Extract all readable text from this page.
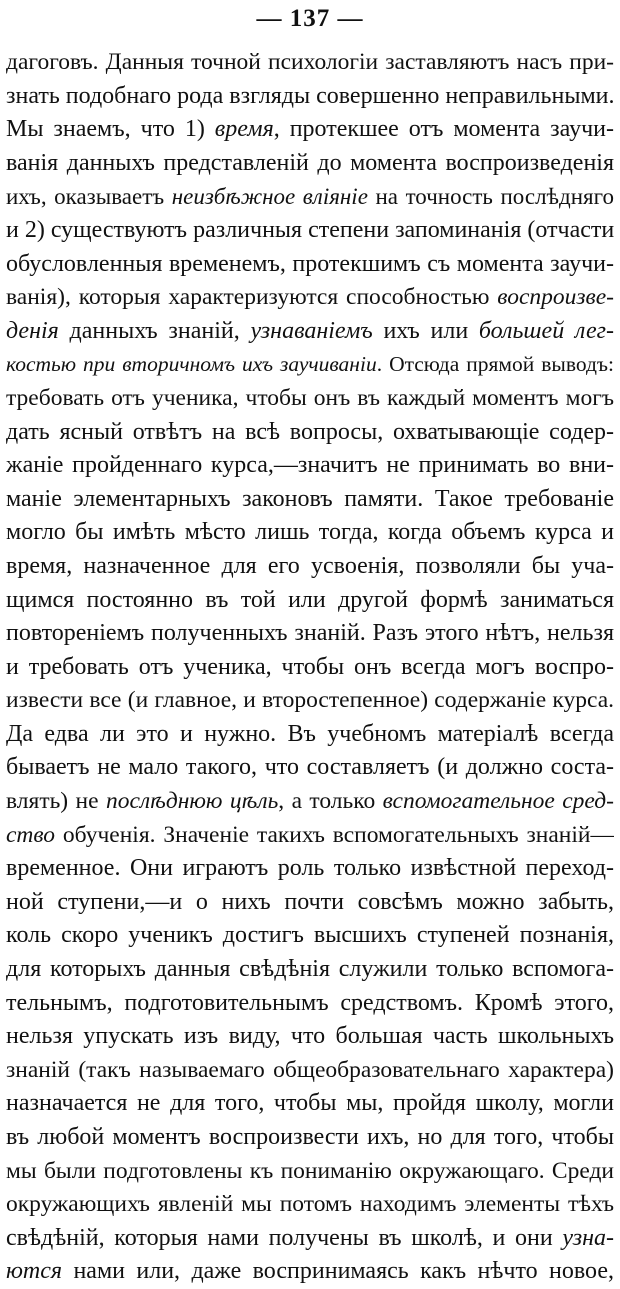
— 137 —
дагоговъ. Данныя точной психологіи заставляютъ насъ при-
знать подобнаго рода взгляды совершенно неправильными.
Мы знаемъ, что 1) время, протекшее отъ момента заучи-
ванія данныхъ представленій до момента воспроизведенія
ихъ, оказываетъ неизбѣжное вліяніе на точность послѣдняго
и 2) существуютъ различныя степени запоминанія (отчасти
обусловленныя временемъ, протекшимъ съ момента заучи-
ванія), которыя характеризуются способностью воспроизве-
денія данныхъ знаній, узнаваніемъ ихъ или большей лег-
костью при вторичномъ ихъ заучиваніи. Отсюда прямой выводъ:
требовать отъ ученика, чтобы онъ въ каждый моментъ могъ
дать ясный отвѣтъ на всѣ вопросы, охватывающіе содер-
жаніе пройденнаго курса,—значитъ не принимать во вни-
маніе элементарныхъ законовъ памяти. Такое требованіе
могло бы имѣть мѣсто лишь тогда, когда объемъ курса и
время, назначенное для его усвоенія, позволяли бы уча-
щимся постоянно въ той или другой формѣ заниматься
повтореніемъ полученныхъ знаній. Разъ этого нѣтъ, нельзя
и требовать отъ ученика, чтобы онъ всегда могъ воспро-
извести все (и главное, и второстепенное) содержаніе курса.
Да едва ли это и нужно. Въ учебномъ матеріалѣ всегда
бываетъ не мало такого, что составляетъ (и должно соста-
влять) не послѣднюю цѣль, а только вспомогательное сред-
ство обученія. Значеніе такихъ вспомогательныхъ знаній—
временное. Они играютъ роль только извѣстной переход-
ной ступени,—и о нихъ почти совсѣмъ можно забыть,
коль скоро ученикъ достигъ высшихъ ступеней познанія,
для которыхъ данныя свѣдѣнія служили только вспомога-
тельнымъ, подготовительнымъ средствомъ. Кромѣ этого,
нельзя упускать изъ виду, что большая часть школьныхъ
знаній (такъ называемаго общеобразовательнаго характера)
назначается не для того, чтобы мы, пройдя школу, могли
въ любой моментъ воспроизвести ихъ, но для того, чтобы
мы были подготовлены къ пониманію окружающаго. Среди
окружающихъ явленій мы потомъ находимъ элементы тѣхъ
свѣдѣній, которыя нами получены въ школѣ, и они узна-
ются нами или, даже воспринимаясь какъ нѣчто новое,
